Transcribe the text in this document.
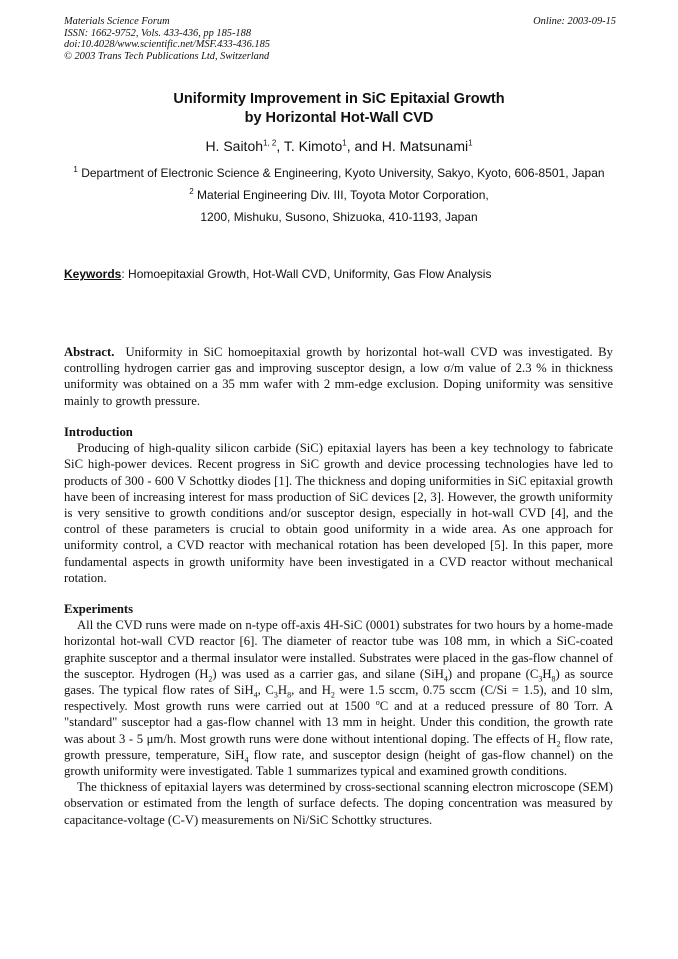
Materials Science Forum
ISSN: 1662-9752, Vols. 433-436, pp 185-188
doi:10.4028/www.scientific.net/MSF.433-436.185
© 2003 Trans Tech Publications Ltd, Switzerland
Online: 2003-09-15
Uniformity Improvement in SiC Epitaxial Growth
by Horizontal Hot-Wall CVD
H. Saitoh$^{1, 2}$, T. Kimoto$^1$, and H. Matsunami$^1$
$^1$ Department of Electronic Science & Engineering, Kyoto University, Sakyo, Kyoto, 606-8501, Japan
$^2$ Material Engineering Div. III, Toyota Motor Corporation,
1200, Mishuku, Susono, Shizuoka, 410-1193, Japan
Keywords: Homoepitaxial Growth, Hot-Wall CVD, Uniformity, Gas Flow Analysis

Abstract. Uniformity in SiC homoepitaxial growth by horizontal hot-wall CVD was investigated. By controlling hydrogen carrier gas and improving susceptor design, a low σ/m value of 2.3 % in thickness uniformity was obtained on a 35 mm wafer with 2 mm-edge exclusion. Doping uniformity was sensitive mainly to growth pressure.

Introduction

Producing of high-quality silicon carbide (SiC) epitaxial layers has been a key technology to fabricate SiC high-power devices. Recent progress in SiC growth and device processing technologies have led to products of 300 - 600 V Schottky diodes [1]. The thickness and doping uniformities in SiC epitaxial growth have been of increasing interest for mass production of SiC devices [2, 3]. However, the growth uniformity is very sensitive to growth conditions and/or susceptor design, especially in hot-wall CVD [4], and the control of these parameters is crucial to obtain good uniformity in a wide area. As one approach for uniformity control, a CVD reactor with mechanical rotation has been developed [5]. In this paper, more fundamental aspects in growth uniformity have been investigated in a CVD reactor without mechanical rotation.

Experiments

All the CVD runs were made on n-type off-axis 4H-SiC (0001) substrates for two hours by a home-made horizontal hot-wall CVD reactor [6]. The diameter of reactor tube was 108 mm, in which a SiC-coated graphite susceptor and a thermal insulator were installed. Substrates were placed in the gas-flow channel of the susceptor. Hydrogen $(H_2)$ was used as a carrier gas, and silane (SiH$_4$) and propane $(C_3H_8)$ as source gases. The typical flow rates of SiH$_4$, $C_3H_8$, and $H_2$ were 1.5 sccm, 0.75 sccm (C/Si = 1.5), and 10 slm, respectively. Most growth runs were carried out at 1500 $^o$C and at a reduced pressure of 80 Torr. A "standard" susceptor had a gas-flow channel with 13 mm in height. Under this condition, the growth rate was about 3 - 5 μm/h. Most growth runs were done without intentional doping. The effects of $H_2$ flow rate, growth pressure, temperature, SiH$_4$ flow rate, and susceptor design (height of gas-flow channel) on the growth uniformity were investigated. Table 1 summarizes typical and examined growth conditions.

The thickness of epitaxial layers was determined by cross-sectional scanning electron microscope (SEM) observation or estimated from the length of surface defects. The doping concentration was measured by capacitance-voltage (C-V) measurements on Ni/SiC Schottky structures.
